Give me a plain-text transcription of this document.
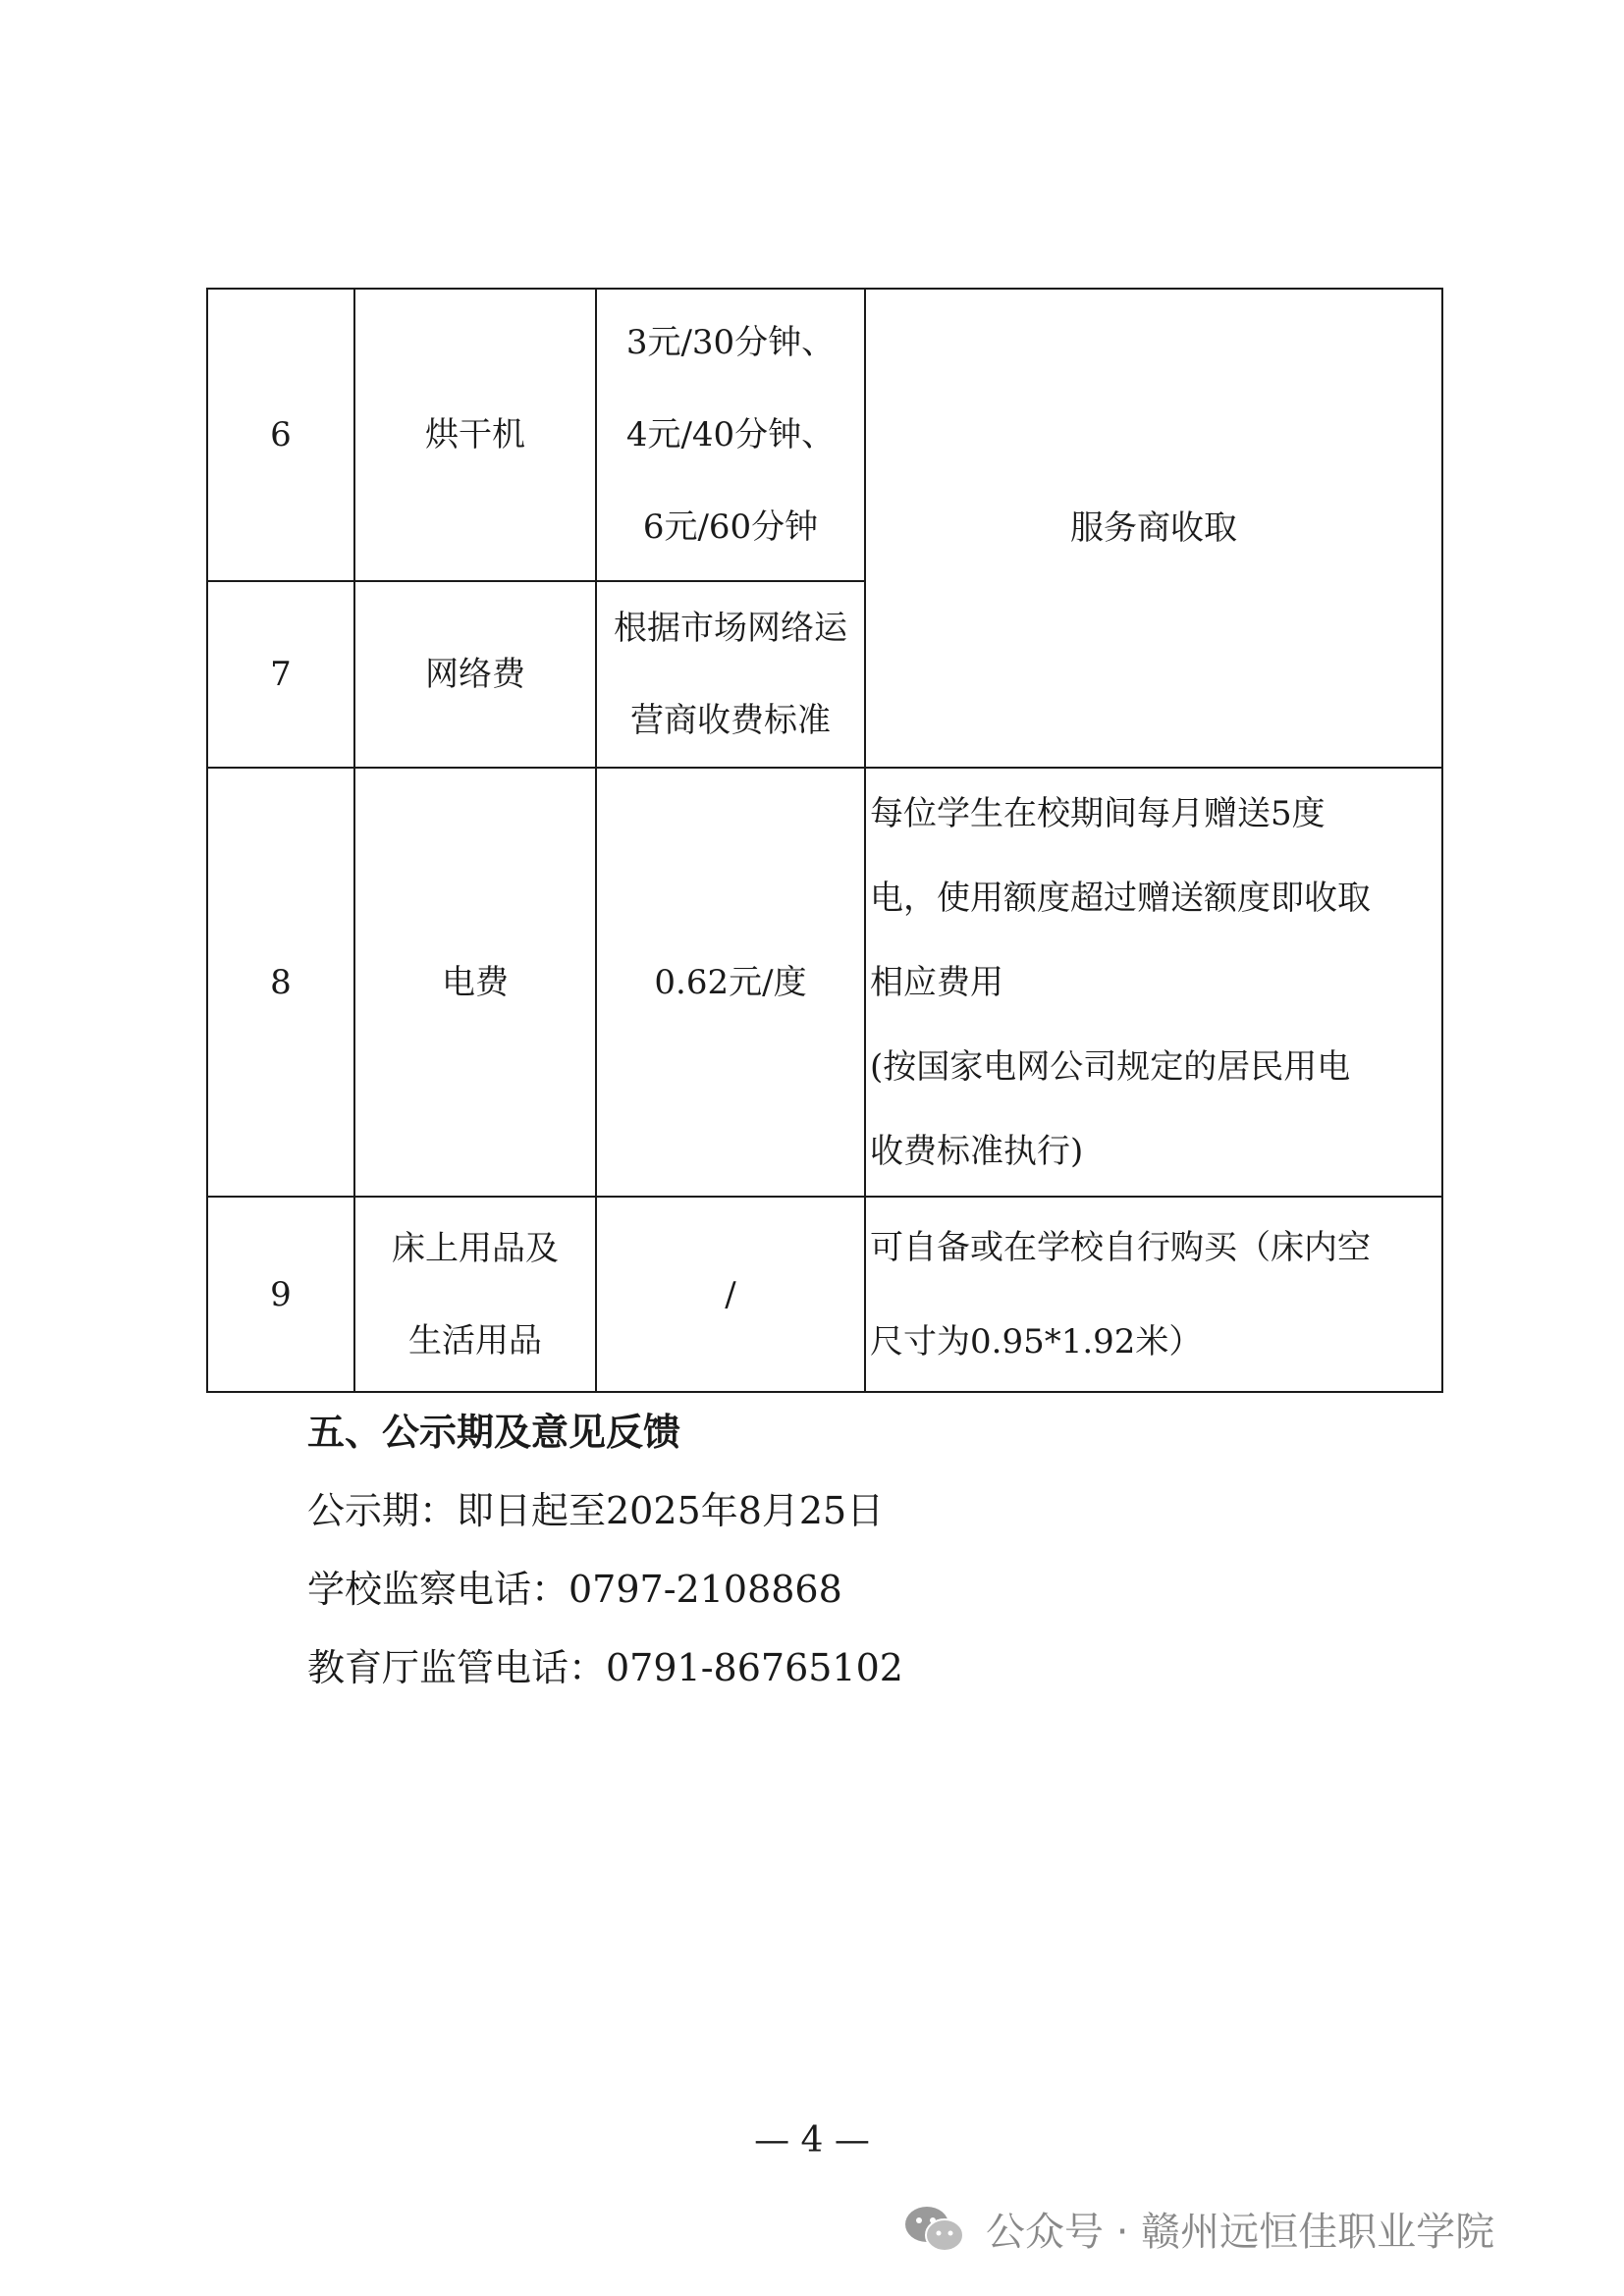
6	烘干机	3元/30分钟、
4元/40分钟、
6元/60分钟	服务商收取
7	网络费	根据市场网络运
营商收费标准	

8	电费	0.62元/度	每位学生在校期间每月赠送5度
电，使用额度超过赠送额度即收取
相应费用
(按国家电网公司规定的居民用电
收费标准执行)

9	床上用品及
生活用品	/	可自备或在学校自行购买（床内空
尺寸为0.95*1.92米）
五、公示期及意见反馈
公示期：即日起至2025年8月25日
学校监察电话：0797-2108868
教育厅监管电话：0791-86765102
— 4 —
公众号 · 赣州远恒佳职业学院
